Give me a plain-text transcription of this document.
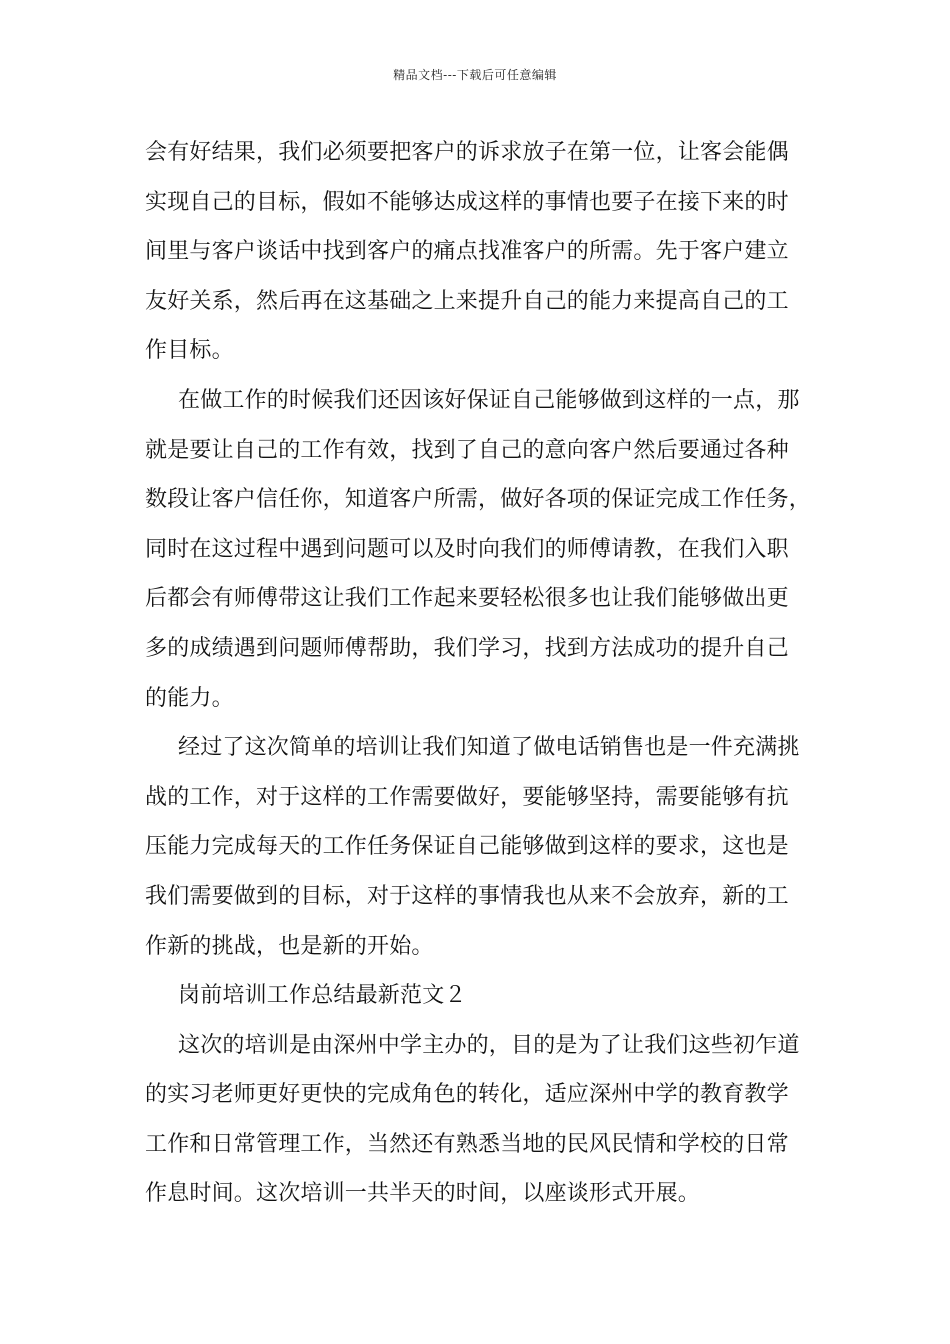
精品文档---下载后可任意编辑

会有好结果，我们必须要把客户的诉求放子在第一位，让客会能偶
实现自己的目标，假如不能够达成这样的事情也要子在接下来的时
间里与客户谈话中找到客户的痛点找准客户的所需。先于客户建立
友好关系，然后再在这基础之上来提升自己的能力来提高自己的工
作目标。

在做工作的时候我们还因该好保证自己能够做到这样的一点，那
就是要让自己的工作有效，找到了自己的意向客户然后要通过各种
数段让客户信任你，知道客户所需，做好各项的保证完成工作任务，
同时在这过程中遇到问题可以及时向我们的师傅请教，在我们入职
后都会有师傅带这让我们工作起来要轻松很多也让我们能够做出更
多的成绩遇到问题师傅帮助，我们学习，找到方法成功的提升自己
的能力。

经过了这次简单的培训让我们知道了做电话销售也是一件充满挑
战的工作，对于这样的工作需要做好，要能够坚持，需要能够有抗
压能力完成每天的工作任务保证自己能够做到这样的要求，这也是
我们需要做到的目标，对于这样的事情我也从来不会放弃，新的工
作新的挑战，也是新的开始。

岗前培训工作总结最新范文２

这次的培训是由深州中学主办的，目的是为了让我们这些初乍道
的实习老师更好更快的完成角色的转化，适应深州中学的教育教学
工作和日常管理工作，当然还有熟悉当地的民风民情和学校的日常
作息时间。这次培训一共半天的时间，以座谈形式开展。
